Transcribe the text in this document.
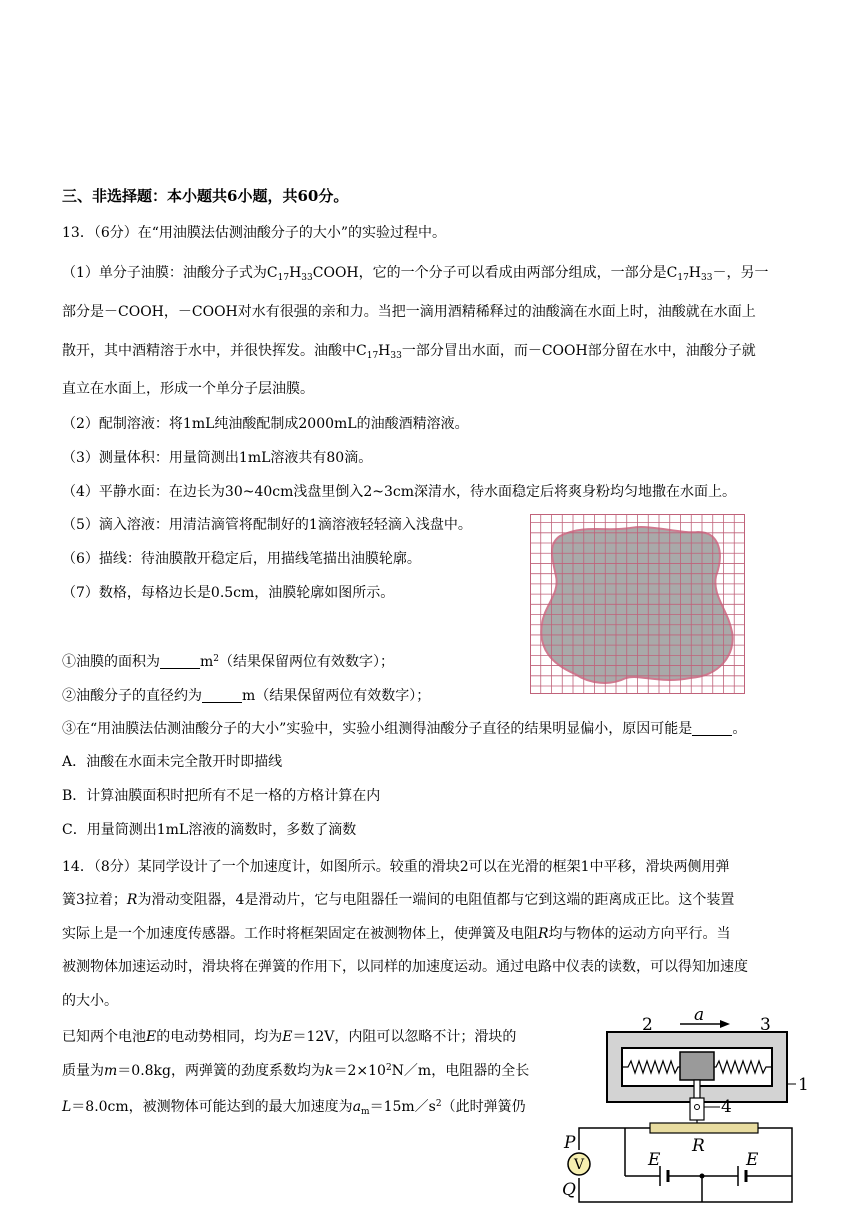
三、非选择题：本小题共6小题，共60分。
13．（6分）在“用油膜法估测油酸分子的大小”的实验过程中。
（1）单分子油膜：油酸分子式为$C_{17}H_{33}COOH$，它的一个分子可以看成由两部分组成，一部分是$C_{17}H_{33}-$，另一
部分是－COOH，－COOH对水有很强的亲和力。当把一滴用酒精稀释过的油酸滴在水面上时，油酸就在水面上
散开，其中酒精溶于水中，并很快挥发。油酸中$C_{17}H_{33}$一部分冒出水面，而－COOH部分留在水中，油酸分子就
直立在水面上，形成一个单分子层油膜。
（2）配制溶液：将1mL纯油酸配制成2000mL的油酸酒精溶液。
（3）测量体积：用量筒测出1mL溶液共有80滴。
（4）平静水面：在边长为30~40cm浅盘里倒入2~3cm深清水，待水面稳定后将爽身粉均匀地撒在水面上。
（5）滴入溶液：用清洁滴管将配制好的1滴溶液轻轻滴入浅盘中。
（6）描线：待油膜散开稳定后，用描线笔描出油膜轮廓。
（7）数格，每格边长是0.5cm，油膜轮廓如图所示。
①油膜的面积为	$m^2$（结果保留两位有效数字）；
②油酸分子的直径约为	m（结果保留两位有效数字）；
③在“用油膜法估测油酸分子的大小”实验中，实验小组测得油酸分子直径的结果明显偏小，原因可能是	。
A．油酸在水面未完全散开时即描线
B．计算油膜面积时把所有不足一格的方格计算在内
C．用量筒测出1mL溶液的滴数时，多数了滴数
14．（8分）某同学设计了一个加速度计，如图所示。较重的滑块2可以在光滑的框架1中平移，滑块两侧用弹
簧3拉着；R为滑动变阻器，4是滑动片，它与电阻器任一端间的电阻值都与它到这端的距离成正比。这个装置
实际上是一个加速度传感器。工作时将框架固定在被测物体上，使弹簧及电阻R均与物体的运动方向平行。当
被测物体加速运动时，滑块将在弹簧的作用下，以同样的加速度运动。通过电路中仪表的读数，可以得知加速度
的大小。
已知两个电池E的电动势相同，均为E＝12V，内阻可以忽略不计；滑块的
质量为m＝0.8kg，两弹簧的劲度系数均为$k=2\times 10^2N/m$，电阻器的全长
L＝8.0cm，被测物体可能达到的最大加速度为$a_m=15m/s^2$（此时弹簧仍
V
2 a	3
1
4
R
P
Q
E	E
